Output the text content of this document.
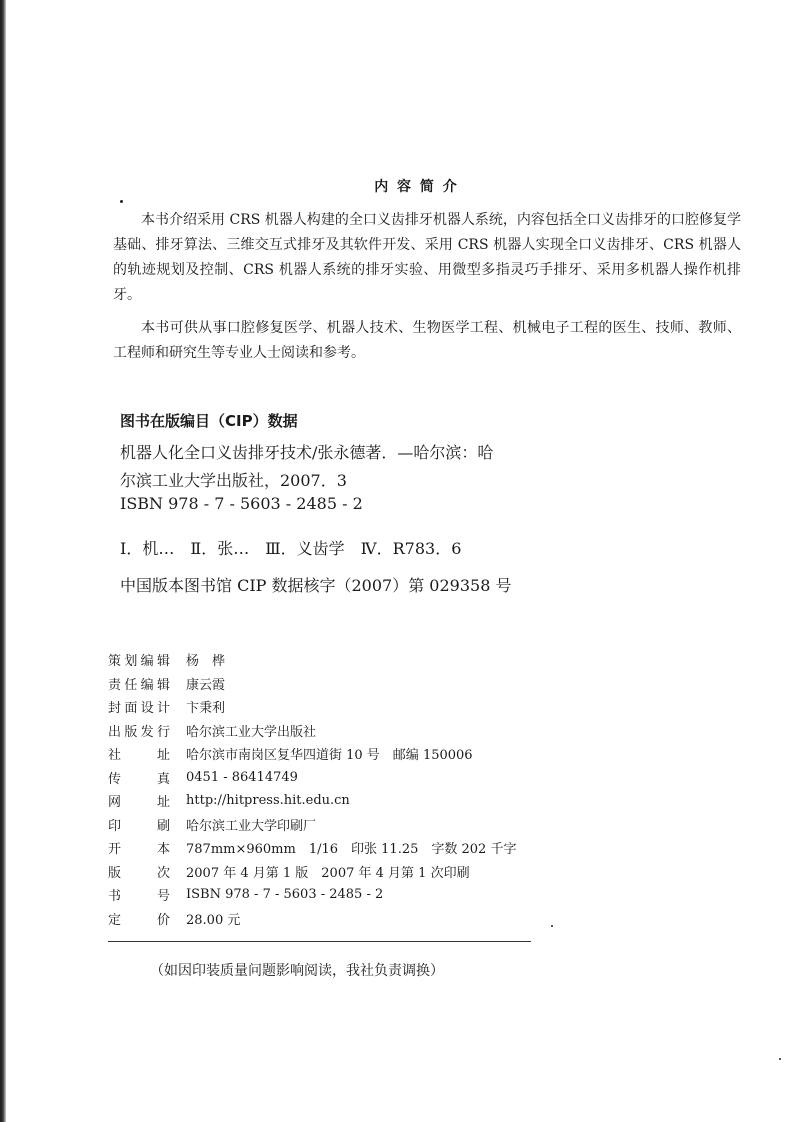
内 容 简 介

本书介绍采用 CRS 机器人构建的全口义齿排牙机器人系统，内容包括全口义齿排牙的口腔修复学基础、排牙算法、三维交互式排牙及其软件开发、采用 CRS 机器人实现全口义齿排牙、CRS 机器人的轨迹规划及控制、CRS 机器人系统的排牙实验、用微型多指灵巧手排牙、采用多机器人操作机排牙。

本书可供从事口腔修复医学、机器人技术、生物医学工程、机械电子工程的医生、技师、教师、工程师和研究生等专业人士阅读和参考。

图书在版编目（CIP）数据
机器人化全口义齿排牙技术/张永德著．—哈尔滨：哈
尔滨工业大学出版社，2007．3
ISBN 978 - 7 - 5603 - 2485 - 2
Ⅰ．机…　Ⅱ．张…　Ⅲ．义齿学　Ⅳ．R783．6
中国版本图书馆 CIP 数据核字（2007）第 029358 号
策划编辑 杨　桦
责任编辑 康云霞
封面设计 卞秉利
出版发行 哈尔滨工业大学出版社
社　　址 哈尔滨市南岗区复华四道街 10 号　邮编 150006
传　　真 0451 - 86414749
网　　址 http://hitpress.hit.edu.cn
印　　刷 哈尔滨工业大学印刷厂
开　　本 787mm×960mm　1/16　印张 11.25　字数 202 千字
版　　次 2007 年 4 月第 1 版　2007 年 4 月第 1 次印刷
书　　号 ISBN 978 - 7 - 5603 - 2485 - 2
定　　价 28.00 元
（如因印装质量问题影响阅读，我社负责调换）
